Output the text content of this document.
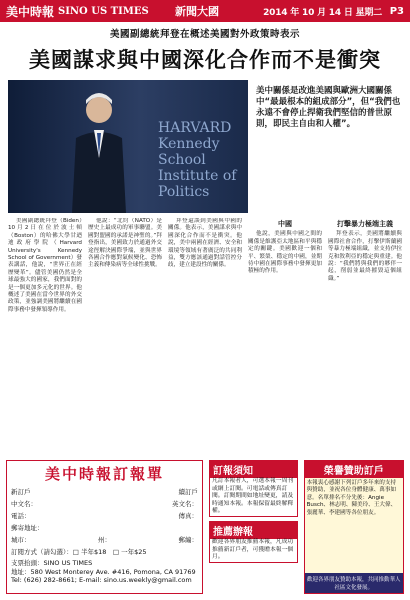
美中時報 SINO US TIMES 新聞大國	2014 年 10 月 14 日 星期二 P3
美國副總統拜登在概述美國對外政策時表示
美國謀求與中國深化合作而不是衝突
HARVARD
Kennedy School
Institute of Politics
美中關係是改進美國與歐洲大國關係中“最最根本的組成部分”，但“我們也永遠不會停止捍衛我們堅信的普世原則，即民主自由和人權”。

美國副總統拜登（Biden）10月2日在位於波士頓（Boston）的哈佛大學甘迺迪政府學院（Harvard University's Kennedy School of Government）發表講話，他說，“世界正在經歷變革”。儘管美國仍然是全球最強大的國家，我們面對的是一個更加多元化的世界。他概述了美國在當今世界的外交政策，並強調美國將繼續在國際事務中發揮領導作用。

他說：“北約（NATO）是歷史上最成功的軍事聯盟。美國對盟國的承諾是神聖的。”拜登指出，美國致力於通過外交途徑解決國際爭端，並與世界各國合作應對氣候變化、恐怖主義和傳染病等全球性挑戰。

拜登還談到美國與中國的關係。他表示，美國謀求與中國深化合作而不是衝突。他說，美中兩國在經濟、安全和環境等領域有著廣泛的共同利益，雙方應該通過對話管控分歧，建立建設性的關係。

中國

他說，美國與中國之間的關係是維護亞太地區和平與穩定的關鍵。美國歡迎一個和平、繁榮、穩定的中國，並期待中國在國際事務中發揮更加積極的作用。

打擊暴力極端主義

拜登表示，美國將繼續與國際社會合作，打擊伊斯蘭國等暴力極端組織，並支持伊拉克和敘利亞的穩定與重建。他說：“我們將與我們的夥伴一起，削弱並最終摧毀這個組織。”

美中時報訂報單
新訂戶	續訂戶
中文名：	英文名：
電話：	傳真：
郵寄地址：
城市：	州：	郵編：
訂閱方式（請勾選）：□ 半年$18　□ 一年$25
支票抬頭：SINO US TIMES
地址：580 West Monterey Ave. #416, Pomona, CA 91769
Tel: (626) 282-8661; E-mail: sino.us.weekly@gmail.com
訂報須知
凡訂本報者人，可選本報一周刊或網上訂閱。可電話或傳真訂閱。訂閱期間如地址變更，請及時通知本報。本報保留最終解釋權。
推薦辦報
歡迎各界朋友推薦本報，凡成功推薦新訂戶者，可獲贈本報一個月。
榮譽贊助訂戶
本報衷心感謝下列訂戶多年來的支持與贊助，並祝各位身體健康、萬事如意。名單排名不分先後：Angie Busch、林志明、陳美玲、王大偉、張麗華、李建國等各位朋友。
歡迎各界朋友贊助本報，共同推動華人社區文化發展。
